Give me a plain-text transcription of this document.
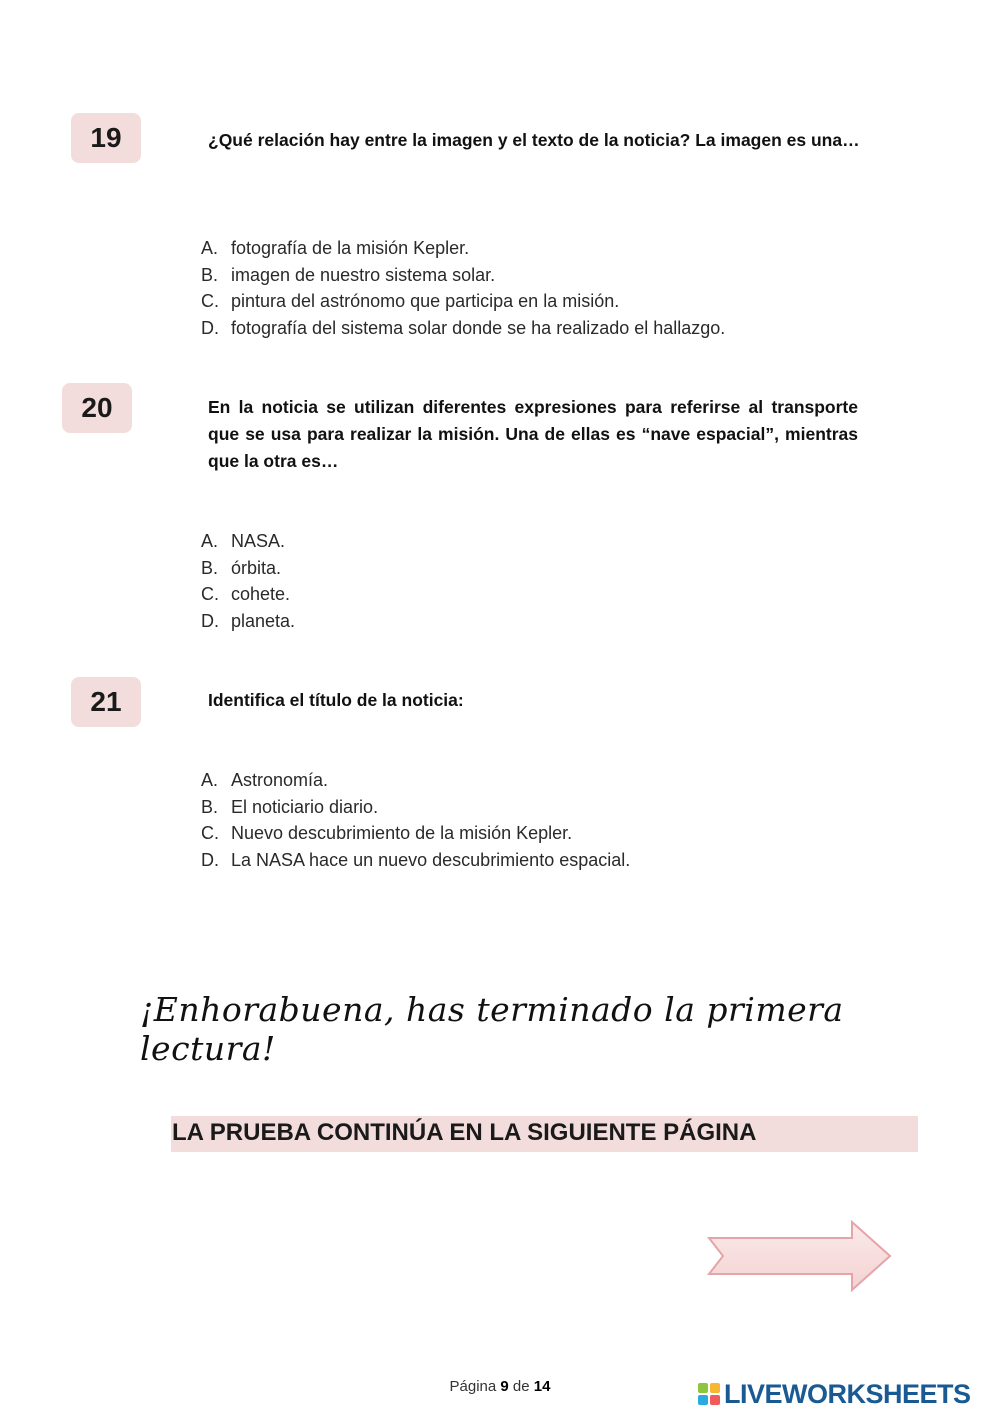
19	¿Qué relación hay entre la imagen y el texto de la noticia? La imagen es una…
A. fotografía de la misión Kepler.
B. imagen de nuestro sistema solar.
C. pintura del astrónomo que participa en la misión.
D. fotografía del sistema solar donde se ha realizado el hallazgo.
20	En la noticia se utilizan diferentes expresiones para referirse al transporte que se usa para realizar la misión. Una de ellas es “nave espacial”, mientras que la otra es…
A. NASA.
B. órbita.
C. cohete.
D. planeta.
21	Identifica el título de la noticia:
A. Astronomía.
B. El noticiario diario.
C. Nuevo descubrimiento de la misión Kepler.
D. La NASA hace un nuevo descubrimiento espacial.
¡Enhorabuena, has terminado la primera lectura!
LA PRUEBA CONTINÚA EN LA SIGUIENTE PÁGINA
Página 9 de 14	LIVEWORKSHEETS
